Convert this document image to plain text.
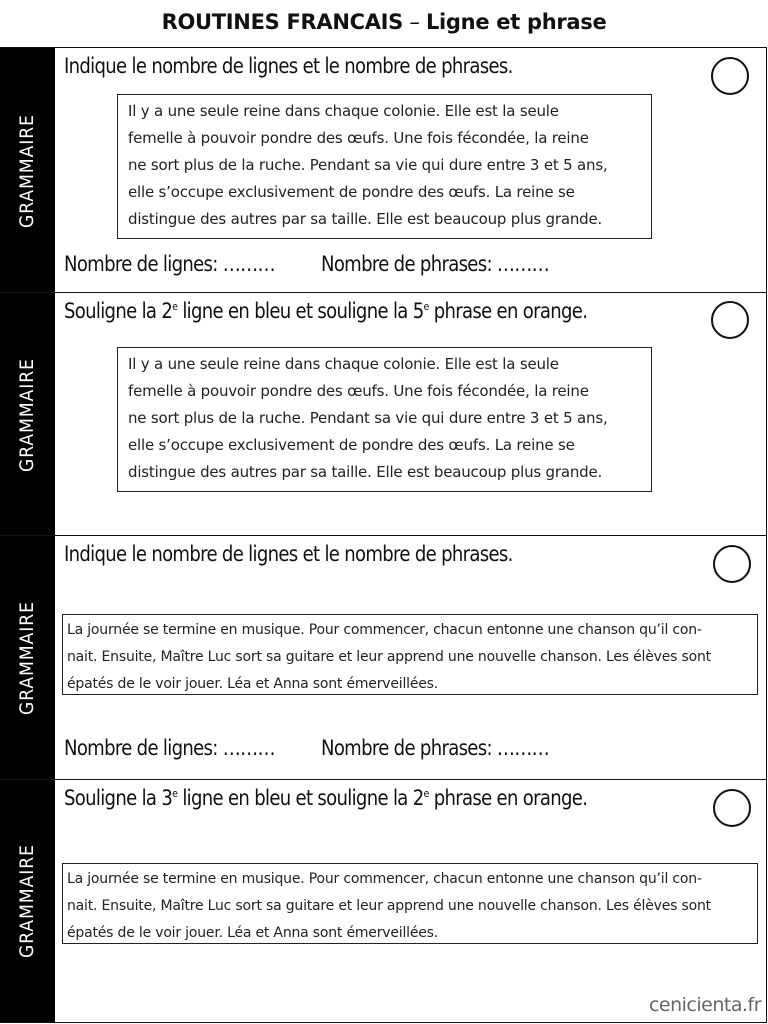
ROUTINES FRANCAIS – Ligne et phrase
GRAMMAIRE
Indique le nombre de lignes et le nombre de phrases.
Il y a une seule reine dans chaque colonie. Elle est la seule
femelle à pouvoir pondre des œufs. Une fois fécondée, la reine
ne sort plus de la ruche. Pendant sa vie qui dure entre 3 et 5 ans,
elle s’occupe exclusivement de pondre des œufs. La reine se
distingue des autres par sa taille. Elle est beaucoup plus grande.
Nombre de lignes: ……… Nombre de phrases: ………
GRAMMAIRE
Souligne la 2e ligne en bleu et souligne la 5e phrase en orange.
Il y a une seule reine dans chaque colonie. Elle est la seule
femelle à pouvoir pondre des œufs. Une fois fécondée, la reine
ne sort plus de la ruche. Pendant sa vie qui dure entre 3 et 5 ans,
elle s’occupe exclusivement de pondre des œufs. La reine se
distingue des autres par sa taille. Elle est beaucoup plus grande.
GRAMMAIRE
Indique le nombre de lignes et le nombre de phrases.
La journée se termine en musique. Pour commencer, chacun entonne une chanson qu’il con-
nait. Ensuite, Maître Luc sort sa guitare et leur apprend une nouvelle chanson. Les élèves sont
épatés de le voir jouer. Léa et Anna sont émerveillées.
Nombre de lignes: ……… Nombre de phrases: ………
GRAMMAIRE
Souligne la 3e ligne en bleu et souligne la 2e phrase en orange.
La journée se termine en musique. Pour commencer, chacun entonne une chanson qu’il con-
nait. Ensuite, Maître Luc sort sa guitare et leur apprend une nouvelle chanson. Les élèves sont
épatés de le voir jouer. Léa et Anna sont émerveillées.
cenicienta.fr
